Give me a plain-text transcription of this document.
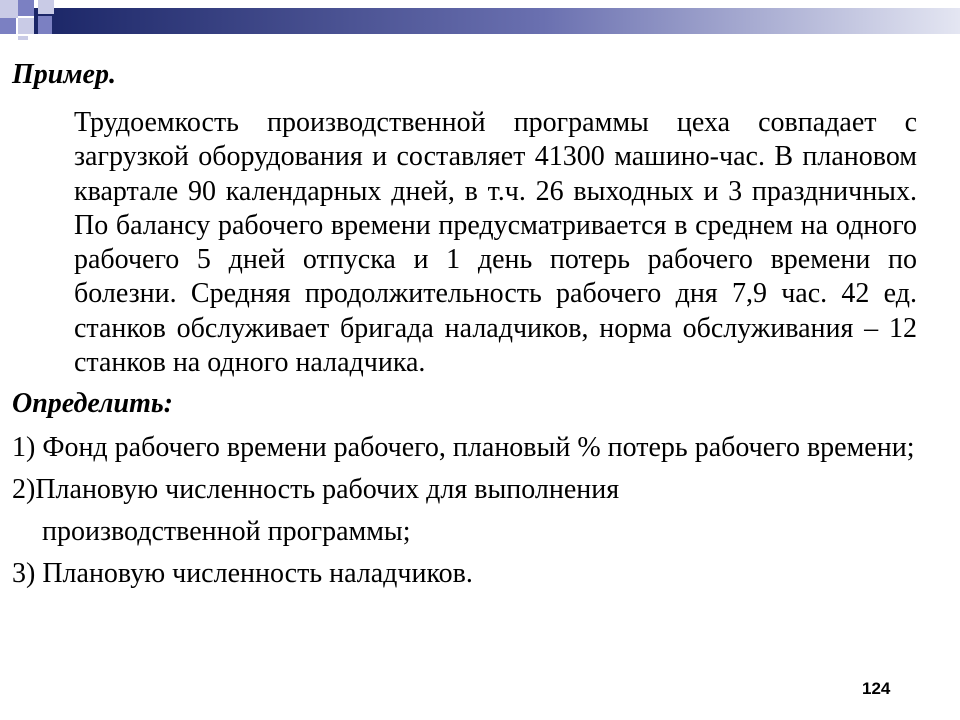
Пример.

Трудоемкость производственной программы цеха совпадает с загрузкой оборудования и составляет 41300 машино-час. В плановом квартале 90 календарных дней, в т.ч. 26 выходных и 3 праздничных. По балансу рабочего времени предусматривается в среднем на одного рабочего 5 дней отпуска и 1 день потерь рабочего времени по болезни. Средняя продолжительность рабочего дня 7,9 час. 42 ед. станков обслуживает бригада наладчиков, норма обслуживания – 12 станков на одного наладчика.

Определить:

1) Фонд рабочего времени рабочего, плановый % потерь рабочего времени;

2)Плановую численность рабочих для выполнения

производственной программы;

3) Плановую численность наладчиков.

124
